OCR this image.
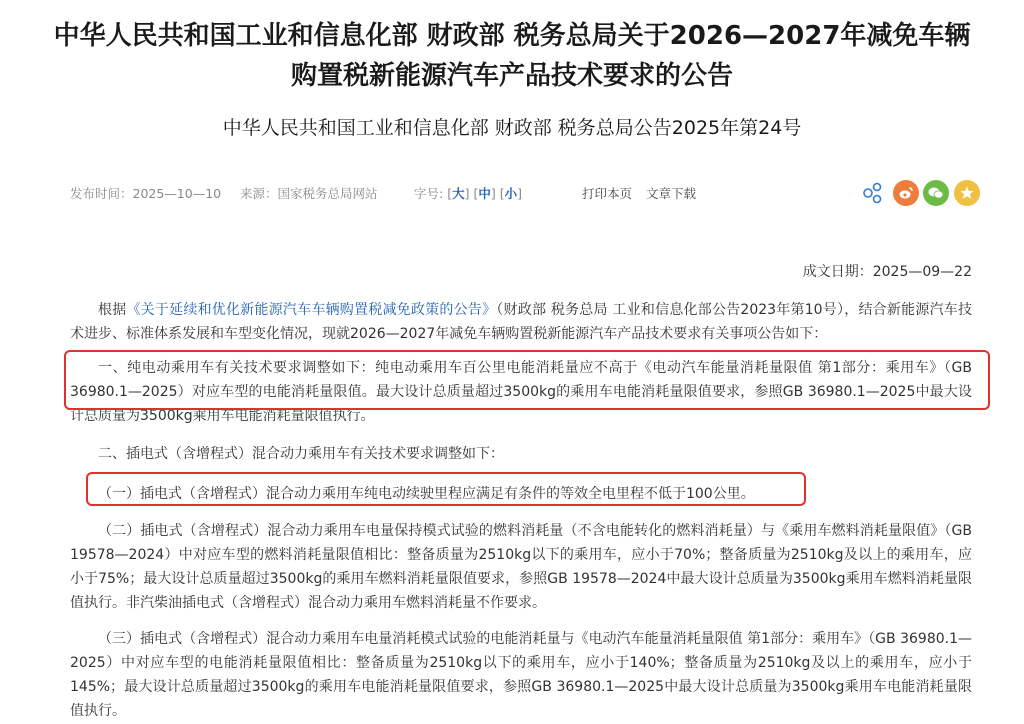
中华人民共和国工业和信息化部 财政部 税务总局关于2026—2027年减免车辆
购置税新能源汽车产品技术要求的公告
中华人民共和国工业和信息化部 财政部 税务总局公告2025年第24号
发布时间：2025—10—10 来源：国家税务总局网站	字号: [大] [中] [小]	打印本页 文章下载
成文日期：2025—09—22

根据《关于延续和优化新能源汽车车辆购置税减免政策的公告》（财政部 税务总局 工业和信息化部公告2023年第10号），结合新能源汽车技术进步、标准体系发展和车型变化情况，现就2026—2027年减免车辆购置税新能源汽车产品技术要求有关事项公告如下：

一、纯电动乘用车有关技术要求调整如下：纯电动乘用车百公里电能消耗量应不高于《电动汽车能量消耗量限值 第1部分：乘用车》（GB 36980.1—2025）对应车型的电能消耗量限值。最大设计总质量超过3500kg的乘用车电能消耗量限值要求，参照GB 36980.1—2025中最大设计总质量为3500kg乘用车电能消耗量限值执行。

二、插电式（含增程式）混合动力乘用车有关技术要求调整如下：

（一）插电式（含增程式）混合动力乘用车纯电动续驶里程应满足有条件的等效全电里程不低于100公里。

（二）插电式（含增程式）混合动力乘用车电量保持模式试验的燃料消耗量（不含电能转化的燃料消耗量）与《乘用车燃料消耗量限值》（GB 19578—2024）中对应车型的燃料消耗量限值相比：整备质量为2510kg以下的乘用车，应小于70%；整备质量为2510kg及以上的乘用车，应小于75%；最大设计总质量超过3500kg的乘用车燃料消耗量限值要求，参照GB 19578—2024中最大设计总质量为3500kg乘用车燃料消耗量限值执行。非汽柴油插电式（含增程式）混合动力乘用车燃料消耗量不作要求。

（三）插电式（含增程式）混合动力乘用车电量消耗模式试验的电能消耗量与《电动汽车能量消耗量限值 第1部分：乘用车》（GB 36980.1—2025）中对应车型的电能消耗量限值相比：整备质量为2510kg以下的乘用车，应小于140%；整备质量为2510kg及以上的乘用车，应小于145%；最大设计总质量超过3500kg的乘用车电能消耗量限值要求，参照GB 36980.1—2025中最大设计总质量为3500kg乘用车电能消耗量限值执行。
